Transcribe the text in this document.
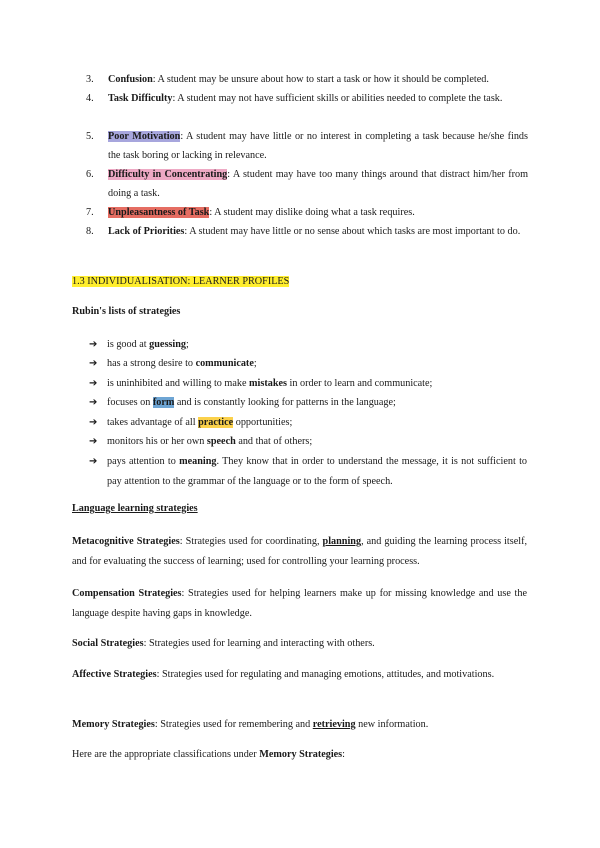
3.	Confusion: A student may be unsure about how to start a task or how it should be completed.
4.	Task Difficulty: A student may not have sufficient skills or abilities needed to complete the task.
5.	Poor Motivation: A student may have little or no interest in completing a task because he/she finds the task boring or lacking in relevance.
6.	Difficulty in Concentrating: A student may have too many things around that distract him/her from doing a task.
7.	Unpleasantness of Task: A student may dislike doing what a task requires.
8.	Lack of Priorities: A student may have little or no sense about which tasks are most important to do.
1.3 INDIVIDUALISATION: LEARNER PROFILES
Rubin's lists of strategies
➔ is good at guessing;
➔ has a strong desire to communicate;
➔ is uninhibited and willing to make mistakes in order to learn and communicate;
➔ focuses on form and is constantly looking for patterns in the language;
➔ takes advantage of all practice opportunities;
➔ monitors his or her own speech and that of others;
➔ pays attention to meaning. They know that in order to understand the message, it is not sufficient to pay attention to the grammar of the language or to the form of speech.
Language learning strategies
Metacognitive Strategies: Strategies used for coordinating, planning, and guiding the learning process itself, and for evaluating the success of learning; used for controlling your learning process.
Compensation Strategies: Strategies used for helping learners make up for missing knowledge and use the language despite having gaps in knowledge.
Social Strategies: Strategies used for learning and interacting with others.
Affective Strategies: Strategies used for regulating and managing emotions, attitudes, and motivations.
Memory Strategies: Strategies used for remembering and retrieving new information.
Here are the appropriate classifications under Memory Strategies:
